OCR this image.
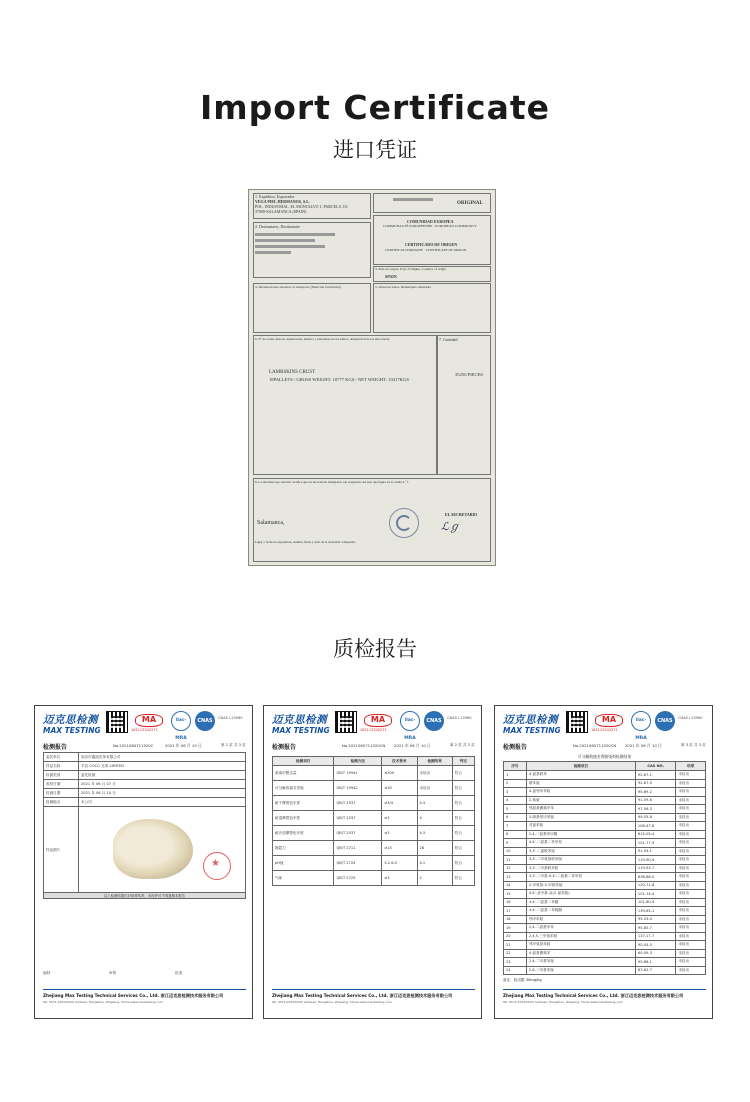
Import Certificate
进口凭证
1. Expéditor, Exportador
VEGA PIEL HERMANOS, S.L.
POL. INDUSTRIAL. EL MONTALVO 1, PARCELA 111
37008-SALAMANCA (SPAIN)
ORIGINAL
2. Destinatario, Destinataire
COMUNIDAD EUROPEA
COMMUNAUTÉ EUROPÉENNE · EUROPEAN COMMUNITY
CERTIFICADO DE ORIGEN
CERTIFICAT D'ORIGINE · CERTIFICATE OF ORIGIN
3. País de origen, Pays d'origine, Country of origin
SPAIN
4. Informaciones relativas al transporte (Mención facultativa)	5. Observaciones, Remarques, Remarks
6. Nº de orden, marcas, numeración, número y naturaleza de los bultos, designación de las mercancías	7. Cantidad
LAMBSKINS CRUST
18PALLETS / GROSS WEIGHT: 10777 KGS / NET WEIGHT: 10417KGS
35250 PIECES
8. La autoridad que suscribe certifica que las mercancías designadas son originarias del país que figura en la casilla n.º 3
Salamanca,
EL SECRETARIO
ℒℊ
Lugar y fecha de expedición, nombre, firma y sello de la autoridad competente
质检报告
迈克思检测
MAX TESTING
MA
181113342271
ilac-MRA
CNAS	CNAS L13960
检测报告	No.2021060711520C	2021 年 06 月 10 日	第 1 页 共 3 页
委托单位	临沂市鑫凯皮革有限公司
样品名称	羊皮 COCO 光革 LIMITED
检测类别	委托检测
收样日期	2021 年 06 月 07 日
检测日期	2021 年 06 月 10 日
检测地点	本公司
样品照片	
★
以上检测结果仅对来样负责，未经许可不得复制本报告
编制	审核	批准
Zhejiang Max Testing Technical Services Co., Ltd. 浙江迈克思检测技术服务有限公司
Tel: 0571-XXXXXXXX Address: Hangzhou, Zhejiang, China www.maxtesting.com
迈克思检测
MAX TESTING
MA
181113342271
ilac-MRA
CNAS	CNAS L13960
检测报告	No.2021060711520CN 2021 年 06 月 10 日	第 2 页 共 3 页
检测项目	检测方法	技术要求	检测结果	判定
游离甲醛含量	GB/T 19941	≤300	未检出	符合
可分解致癌芳香胺	GB/T 19942	≤30	未检出	符合
耐干摩擦色牢度	QB/T 2537	≥3/4	4-5	符合
耐湿摩擦色牢度	QB/T 2537	≥3	4	符合
耐汗渍摩擦色牢度	QB/T 2537	≥3	4-5	符合
撕裂力	QB/T 2711	≥15	28	符合
pH值	QB/T 2724	3.2-6.0	4.1	符合
气味	QB/T 2725	≤3	2	符合
Zhejiang Max Testing Technical Services Co., Ltd. 浙江迈克思检测技术服务有限公司
Tel: 0571-XXXXXXXX Address: Hangzhou, Zhejiang, China www.maxtesting.com
迈克思检测
MAX TESTING
MA
181113342271
ilac-MRA
CNAS	CNAS L13960
检测报告	No.2021060711520CN 2021 年 06 月 10 日	第 3 页 共 3 页
可分解致癌芳香胺染料检测结果
序号	检测项目	CAS NO.	结果
1	4-氨基联苯	92-67-1	未检出
2	联苯胺	92-87-5	未检出
3	4-氯邻甲苯胺	95-69-2	未检出
4	2-萘胺	91-59-8	未检出
5	邻氨基偶氮甲苯	97-56-3	未检出
6	5-硝基邻甲苯胺	99-55-8	未检出
7	对氯苯胺	106-47-8	未检出
8	2,4-二氨基苯甲醚	615-05-4	未检出
9	4,4'-二氨基二苯甲烷	101-77-9	未检出
10	3,3'-二氯联苯胺	91-94-1	未检出
11	3,3'-二甲氧基联苯胺	119-90-4	未检出
12	3,3'-二甲基联苯胺	119-93-7	未检出
13	3,3'-二甲基-4,4'-二氨基二苯甲烷	838-88-0	未检出
14	2-甲氧基-5-甲基苯胺	120-71-8	未检出
15	4,4'-亚甲基-双(2-氯苯胺)	101-14-4	未检出
16	4,4'-二氨基二苯醚	101-80-4	未检出
17	4,4'-二氨基二苯硫醚	139-65-1	未检出
18	邻甲苯胺	95-53-4	未检出
19	2,4-二氨基甲苯	95-80-7	未检出
20	2,4,5-三甲基苯胺	137-17-7	未检出
21	邻甲氧基苯胺	90-04-0	未检出
22	4-氨基偶氮苯	60-09-3	未检出
23	2,4-二甲基苯胺	95-68-1	未检出
24	2,6-二甲基苯胺	87-62-7	未检出
备注：检出限 30mg/kg
Zhejiang Max Testing Technical Services Co., Ltd. 浙江迈克思检测技术服务有限公司
Tel: 0571-XXXXXXXX Address: Hangzhou, Zhejiang, China www.maxtesting.com
